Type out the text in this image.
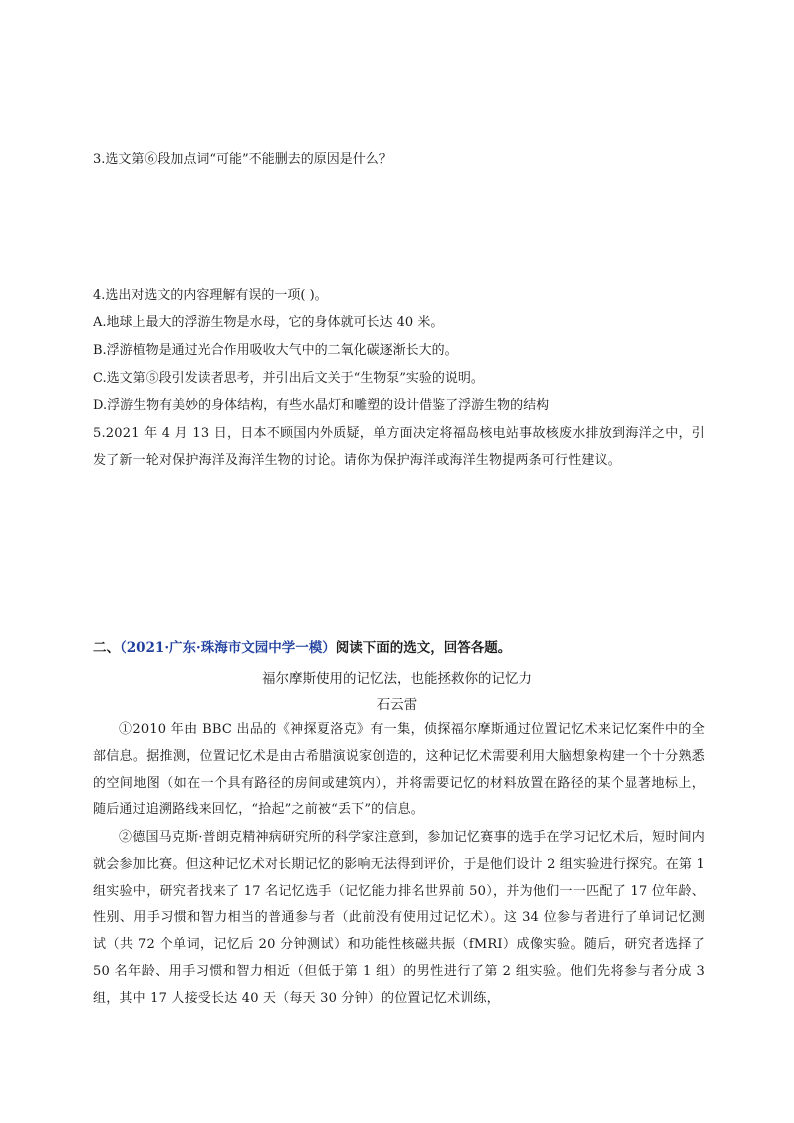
3.选文第⑥段加点词“可能”不能删去的原因是什么？
4.选出对选文的内容理解有误的一项( )。
A.地球上最大的浮游生物是水母，它的身体就可长达 40 米。
B.浮游植物是通过光合作用吸收大气中的二氧化碳逐渐长大的。
C.选文第⑤段引发读者思考，并引出后文关于“生物泵”实验的说明。
D.浮游生物有美妙的身体结构，有些水晶灯和雕塑的设计借鉴了浮游生物的结构
5.2021 年 4 月 13 日，日本不顾国内外质疑，单方面决定将福岛核电站事故核废水排放到海洋之中，引发了新一轮对保护海洋及海洋生物的讨论。请你为保护海洋或海洋生物提两条可行性建议。
二、（2021·广东·珠海市文园中学一模）阅读下面的选文，回答各题。
福尔摩斯使用的记忆法，也能拯救你的记忆力
石云雷
①2010 年由 BBC 出品的《神探夏洛克》有一集，侦探福尔摩斯通过位置记忆术来记忆案件中的全部信息。据推测，位置记忆术是由古希腊演说家创造的，这种记忆术需要利用大脑想象构建一个十分熟悉的空间地图（如在一个具有路径的房间或建筑内），并将需要记忆的材料放置在路径的某个显著地标上，随后通过追溯路线来回忆，“拾起”之前被“丢下”的信息。
②德国马克斯·普朗克精神病研究所的科学家注意到，参加记忆赛事的选手在学习记忆术后，短时间内就会参加比赛。但这种记忆术对长期记忆的影响无法得到评价，于是他们设计 2 组实验进行探究。在第 1 组实验中，研究者找来了 17 名记忆选手（记忆能力排名世界前 50），并为他们一一匹配了 17 位年龄、性别、用手习惯和智力相当的普通参与者（此前没有使用过记忆术）。这 34 位参与者进行了单词记忆测试（共 72 个单词，记忆后 20 分钟测试）和功能性核磁共振（fMRI）成像实验。随后，研究者选择了 50 名年龄、用手习惯和智力相近（但低于第 1 组）的男性进行了第 2 组实验。他们先将参与者分成 3 组，其中 17 人接受长达 40 天（每天 30 分钟）的位置记忆术训练，
